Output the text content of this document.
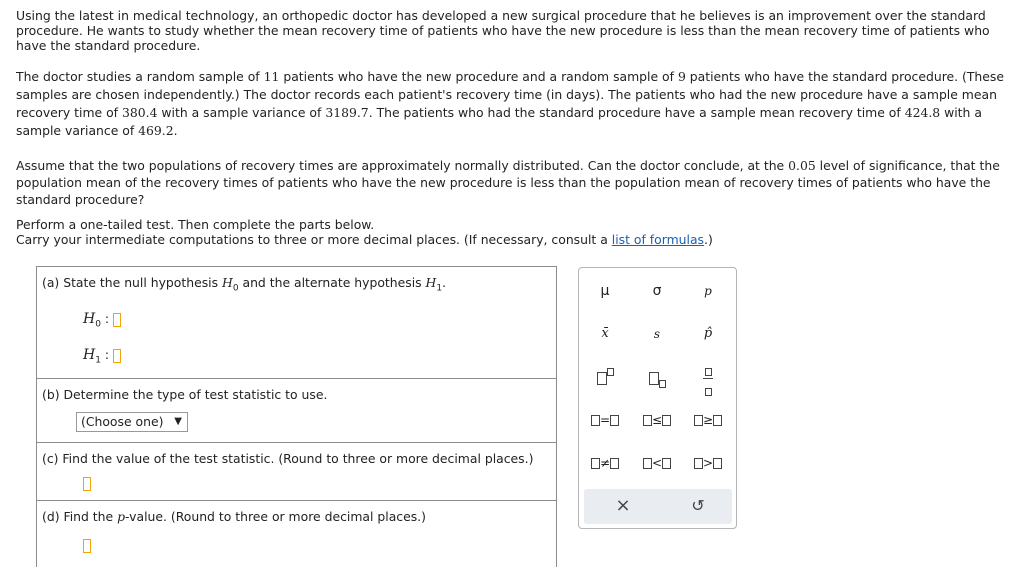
Using the latest in medical technology, an orthopedic doctor has developed a new surgical procedure that he believes is an improvement over the standard procedure. He wants to study whether the mean recovery time of patients who have the new procedure is less than the mean recovery time of patients who have the standard procedure.

The doctor studies a random sample of 11 patients who have the new procedure and a random sample of 9 patients who have the standard procedure. (These samples are chosen independently.) The doctor records each patient's recovery time (in days). The patients who had the new procedure have a sample mean recovery time of 380.4 with a sample variance of 3189.7. The patients who had the standard procedure have a sample mean recovery time of 424.8 with a sample variance of 469.2.

Assume that the two populations of recovery times are approximately normally distributed. Can the doctor conclude, at the 0.05 level of significance, that the population mean of the recovery times of patients who have the new procedure is less than the population mean of recovery times of patients who have the standard procedure?

Perform a one-tailed test. Then complete the parts below.

Carry your intermediate computations to three or more decimal places. (If necessary, consult a list of formulas.)

(a) State the null hypothesis $H_0$ and the alternate hypothesis $H_1$.
$H_0$ :
$H_1$ :
(b) Determine the type of test statistic to use.
(Choose one) ▼
(c) Find the value of the test statistic. (Round to three or more decimal places.)
(d) Find the p-value. (Round to three or more decimal places.)
μ	σ	p
x̄	s	p̂

=	≤	≥
≠	<	>
×	↺
